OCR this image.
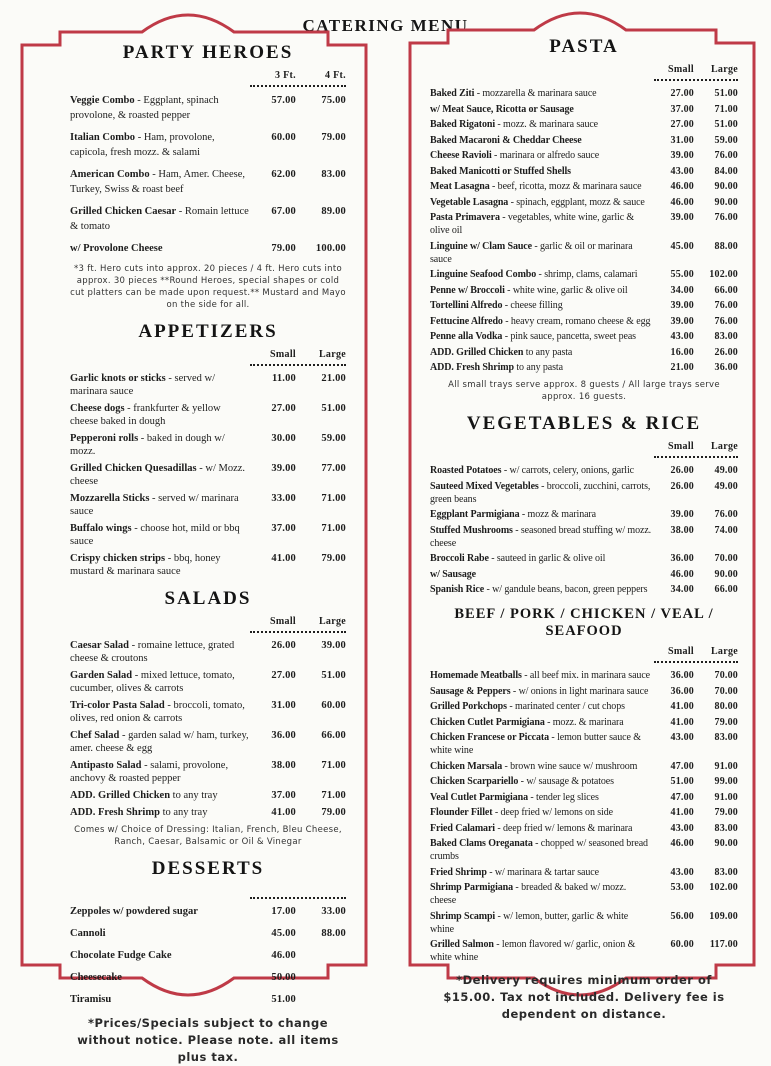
CATERING MENU
PARTY HEROES
3 Ft.	4 Ft.
Veggie Combo - Eggplant, spinach provolone, & roasted pepper
57.00	75.00
Italian Combo - Ham, provolone, capicola, fresh mozz. & salami
60.00	79.00
American Combo - Ham, Amer. Cheese, Turkey, Swiss & roast beef
62.00	83.00
Grilled Chicken Caesar - Romain lettuce & tomato
67.00	89.00
w/ Provolone Cheese	79.00	100.00

*3 ft. Hero cuts into approx. 20 pieces / 4 ft. Hero cuts into approx. 30 pieces **Round Heroes, special shapes or cold cut platters can be made upon request.** Mustard and Mayo on the side for all.

APPETIZERS
Small	Large
Garlic knots or sticks - served w/ marinara sauce
11.00	21.00
Cheese dogs - frankfurter & yellow cheese baked in dough
27.00	51.00
Pepperoni rolls - baked in dough w/ mozz.
30.00	59.00
Grilled Chicken Quesadillas - w/ Mozz. cheese
39.00	77.00
Mozzarella Sticks - served w/ marinara sauce
33.00	71.00
Buffalo wings - choose hot, mild or bbq sauce
37.00	71.00
Crispy chicken strips - bbq, honey mustard & marinara sauce
41.00	79.00
SALADS
Small	Large
Caesar Salad - romaine lettuce, grated cheese & croutons
26.00	39.00
Garden Salad - mixed lettuce, tomato, cucumber, olives & carrots
27.00	51.00
Tri-color Pasta Salad - broccoli, tomato, olives, red onion & carrots
31.00	60.00
Chef Salad - garden salad w/ ham, turkey, amer. cheese & egg
36.00	66.00
Antipasto Salad - salami, provolone, anchovy & roasted pepper
38.00	71.00
ADD. Grilled Chicken to any tray	37.00	71.00
ADD. Fresh Shrimp to any tray	41.00	79.00

Comes w/ Choice of Dressing: Italian, French, Bleu Cheese, Ranch, Caesar, Balsamic or Oil & Vinegar

DESSERTS
Zeppoles w/ powdered sugar	17.00	33.00
Cannoli	45.00	88.00
Chocolate Fudge Cake	46.00
Cheesecake	50.00
Tiramisu	51.00

*Prices/Specials subject to change without notice. Please note. all items plus tax.

PASTA
Small	Large
Baked Ziti - mozzarella & marinara sauce	27.00	51.00
w/ Meat Sauce, Ricotta or Sausage	37.00	71.00
Baked Rigatoni - mozz. & marinara sauce	27.00	51.00
Baked Macaroni & Cheddar Cheese	31.00	59.00
Cheese Ravioli - marinara or alfredo sauce	39.00	76.00
Baked Manicotti or Stuffed Shells	43.00	84.00
Meat Lasagna - beef, ricotta, mozz & marinara sauce	46.00	90.00
Vegetable Lasagna - spinach, eggplant, mozz & sauce	46.00	90.00
Pasta Primavera - vegetables, white wine, garlic & olive oil
39.00	76.00
Linguine w/ Clam Sauce - garlic & oil or marinara sauce
45.00	88.00
Linguine Seafood Combo - shrimp, clams, calamari	55.00	102.00
Penne w/ Broccoli - white wine, garlic & olive oil	34.00	66.00
Tortellini Alfredo - cheese filling	39.00	76.00
Fettucine Alfredo - heavy cream, romano cheese & egg	39.00	76.00
Penne alla Vodka - pink sauce, pancetta, sweet peas	43.00	83.00
ADD. Grilled Chicken to any pasta	16.00	26.00
ADD. Fresh Shrimp to any pasta	21.00	36.00

All small trays serve approx. 8 guests / All large trays serve approx. 16 guests.

VEGETABLES & RICE
Small	Large
Roasted Potatoes - w/ carrots, celery, onions, garlic	26.00	49.00
Sauteed Mixed Vegetables - broccoli, zucchini, carrots, green beans
26.00	49.00
Eggplant Parmigiana - mozz & marinara	39.00	76.00
Stuffed Mushrooms - seasoned bread stuffing w/ mozz. cheese
38.00	74.00
Broccoli Rabe - sauteed in garlic & olive oil	36.00	70.00
w/ Sausage	46.00	90.00
Spanish Rice - w/ gandule beans, bacon, green peppers	34.00	66.00
BEEF / PORK / CHICKEN / VEAL / SEAFOOD
Small	Large
Homemade Meatballs - all beef mix. in marinara sauce	36.00	70.00
Sausage & Peppers - w/ onions in light marinara sauce	36.00	70.00
Grilled Porkchops - marinated center / cut chops	41.00	80.00
Chicken Cutlet Parmigiana - mozz. & marinara	41.00	79.00
Chicken Francese or Piccata - lemon butter sauce & white wine
43.00	83.00
Chicken Marsala - brown wine sauce w/ mushroom	47.00	91.00
Chicken Scarpariello - w/ sausage & potatoes	51.00	99.00
Veal Cutlet Parmigiana - tender leg slices	47.00	91.00
Flounder Fillet - deep fried w/ lemons on side	41.00	79.00
Fried Calamari - deep fried w/ lemons & marinara	43.00	83.00
Baked Clams Oreganata - chopped w/ seasoned bread crumbs
46.00	90.00
Fried Shrimp - w/ marinara & tartar sauce	43.00	83.00
Shrimp Parmigiana - breaded & baked w/ mozz. cheese
53.00	102.00
Shrimp Scampi - w/ lemon, butter, garlic & white whine
56.00	109.00
Grilled Salmon - lemon flavored w/ garlic, onion & white whine
60.00	117.00

*Delivery requires minimum order of $15.00. Tax not included. Delivery fee is dependent on distance.
